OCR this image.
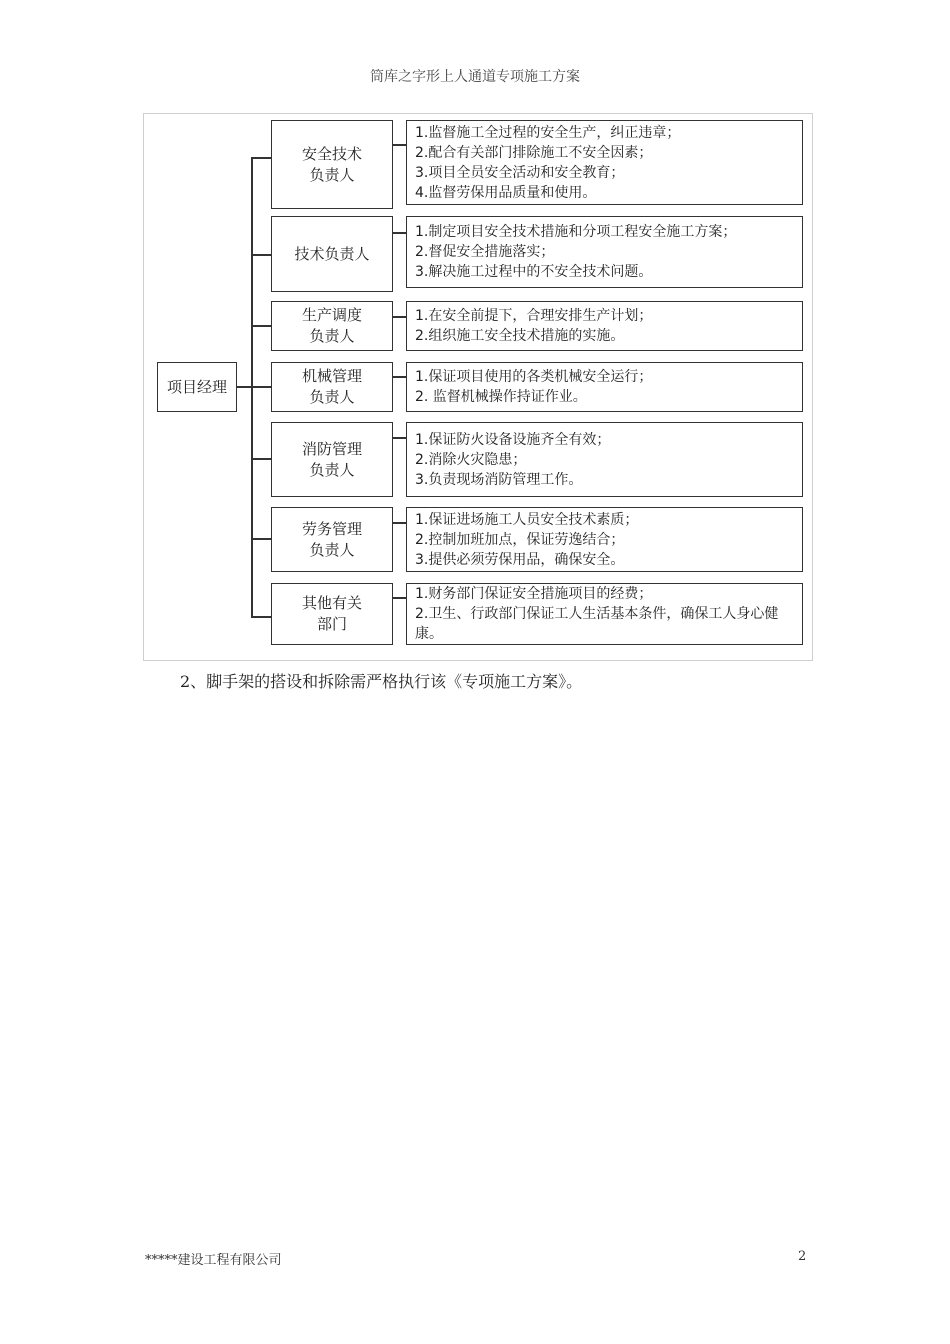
筒库之字形上人通道专项施工方案
项目经理
安全技术
负责人
1.监督施工全过程的安全生产，纠正违章；
2.配合有关部门排除施工不安全因素；
3.项目全员安全活动和安全教育；
4.监督劳保用品质量和使用。
技术负责人
1.制定项目安全技术措施和分项工程安全施工方案；
2.督促安全措施落实；
3.解决施工过程中的不安全技术问题。
生产调度
负责人
1.在安全前提下，合理安排生产计划；
2.组织施工安全技术措施的实施。
机械管理
负责人
1.保证项目使用的各类机械安全运行；
2. 监督机械操作持证作业。
消防管理
负责人
1.保证防火设备设施齐全有效；
2.消除火灾隐患；
3.负责现场消防管理工作。
劳务管理
负责人
1.保证进场施工人员安全技术素质；
2.控制加班加点，保证劳逸结合；
3.提供必须劳保用品，确保安全。
其他有关
部门
1.财务部门保证安全措施项目的经费；
2.卫生、行政部门保证工人生活基本条件，确保工人身心健康。
2、脚手架的搭设和拆除需严格执行该《专项施工方案》。
*****建设工程有限公司	2
